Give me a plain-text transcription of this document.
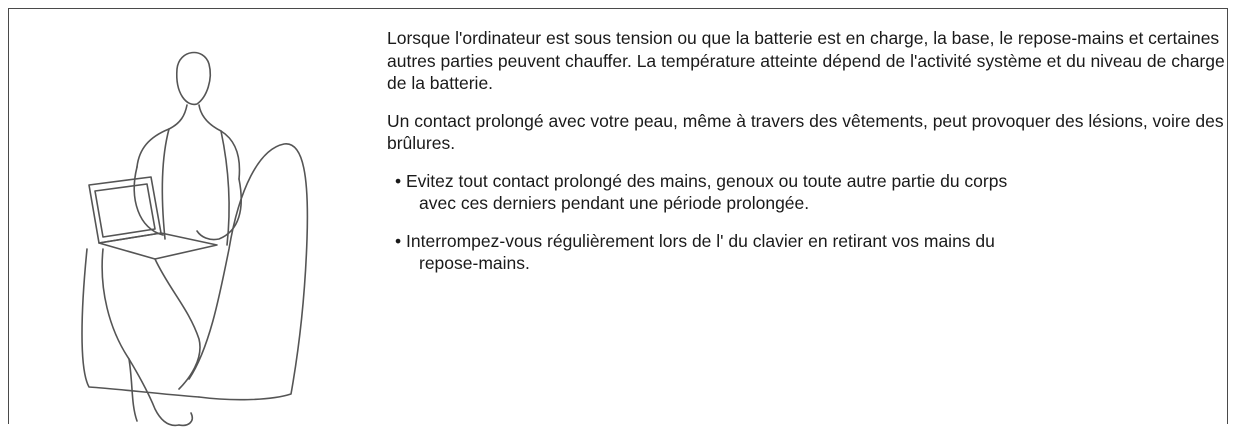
Lorsque l'ordinateur est sous tension ou que la batterie est en charge, la base, le repose-mains et certaines autres parties peuvent chauffer. La température atteinte dépend de l'activité système et du niveau de charge de la batterie.

Un contact prolongé avec votre peau, même à travers des vêtements, peut provoquer des lésions, voire des brûlures.

• Evitez tout contact prolongé des mains, genoux ou toute autre partie du corps
avec ces derniers pendant une période prolongée.
• Interrompez-vous régulièrement lors de l' du clavier en retirant vos mains du
repose-mains.
